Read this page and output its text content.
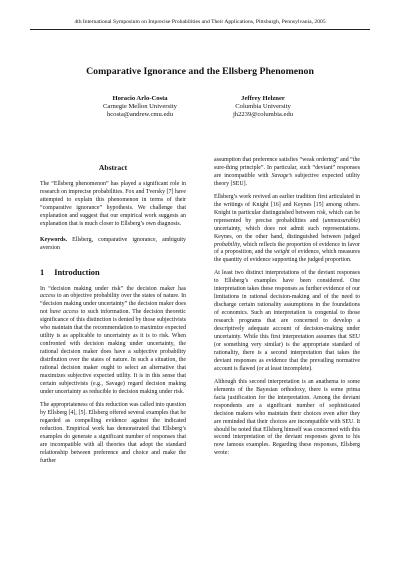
4th International Symposium on Imprecise Probabilities and Their Applications, Pittsburgh, Pennsylvania, 2005
Comparative Ignorance and the Ellsberg Phenomenon
Horacio Arlo-Costa
Carnegie Mellon University
hcosta@andrew.cmu.edu
Jeffrey Helzner
Columbia University
jh2239@columbia.edu
Abstract

The “Ellsberg phenomenon” has played a significant role in research on imprecise probabilities. Fox and Tversky [7] have attempted to explain this phenomenon in terms of their “comparative ignorance” hypothesis. We challenge that explanation and suggest that our empirical work suggests an explanation that is much closer to Ellsberg’s own diagnosis.

Keywords. Ellsberg, comparative ignorance, ambiguity aversion

1 Introduction

In “decision making under risk” the decision maker has access to an objective probability over the states of nature. In “decision making under uncertainty” the decision maker does not have access to such information. The decision theoretic significance of this distinction is denied by those subjectivists who maintain that the recommendation to maximize expected utility is as applicable to uncertainty as it is to risk. When confronted with decision making under uncertainty, the rational decision maker does have a subjective probability distribution over the states of nature. In such a situation, the rational decision maker ought to select an alternative that maximizes subjective expected utility. It is in this sense that certain subjectivists (e.g., Savage) regard decision making under uncertainty as reducible to decision making under risk.

The appropriateness of this reduction was called into question by Ellsberg [4], [5]. Ellsberg offered several examples that he regarded as compelling evidence against the indicated reduction. Empirical work has demonstrated that Ellsberg’s examples do generate a significant number of responses that are incompatible with all theories that adopt the standard relationship between preference and choice and make the further

assumption that preference satisfies “weak ordering” and “the sure-thing principle”. In particular, such “deviant” responses are incompatible with Savage’s subjective expected utility theory [SEU].

Ellsberg’s work revived an earlier tradition first articulated in the writings of Knight [16] and Keynes [15] among others. Knight in particular distinguished between risk, which can be represented by precise probabilities and (unmeasurable) uncertainty, which does not admit such representations. Keynes, on the other hand, distinguished between judged probability, which reflects the proportion of evidence in favor of a proposition, and the weight of evidence, which measures the quantity of evidence supporting the judged proportion.

At least two distinct interpretations of the deviant responses to Ellsberg’s examples have been considered. One interpretation takes these responses as further evidence of our limitations in rational decision-making and of the need to discharge certain rationality assumptions in the foundations of economics. Such an interpretation is congenial to those research programs that are concerned to develop a descriptively adequate account of decision-making under uncertainty. While this first interpretation assumes that SEU (or something very similar) is the appropriate standard of rationality, there is a second interpretation that takes the deviant responses as evidence that the prevailing normative account is flawed (or at least incomplete).

Although this second interpretation is an anathema to some elements of the Bayesian orthodoxy, there is some prima facia justification for the interpretation. Among the deviant respondents are a significant number of sophisticated decision makers who maintain their choices even after they are reminded that their choices are incompatible with SEU. It should be noted that Ellsberg himself was concerned with this second interpretation of the deviant responses given to his now famous examples. Regarding these responses, Ellsberg wrote:
